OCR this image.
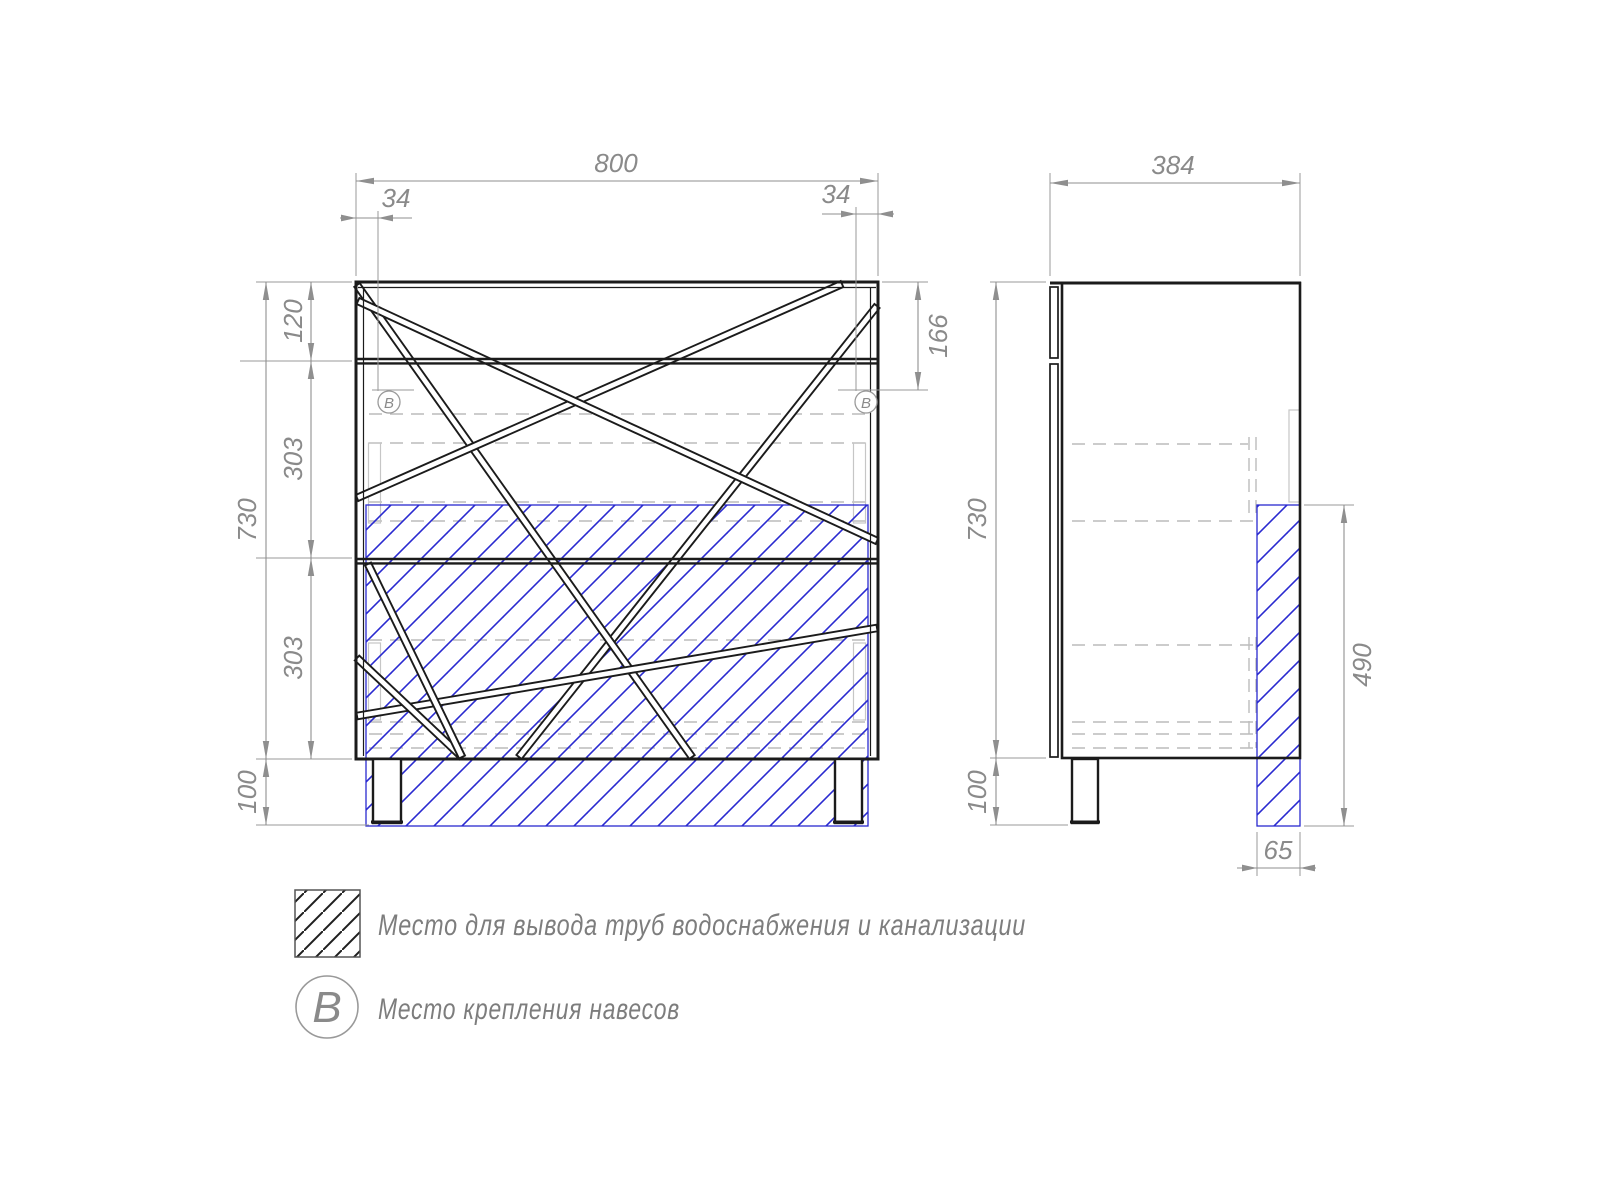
B	B
800
34	34
166
120
303
303
730
100
384
730
100
490
65
Место для вывода труб водоснабжения и канализации
B Место крепления навесов
